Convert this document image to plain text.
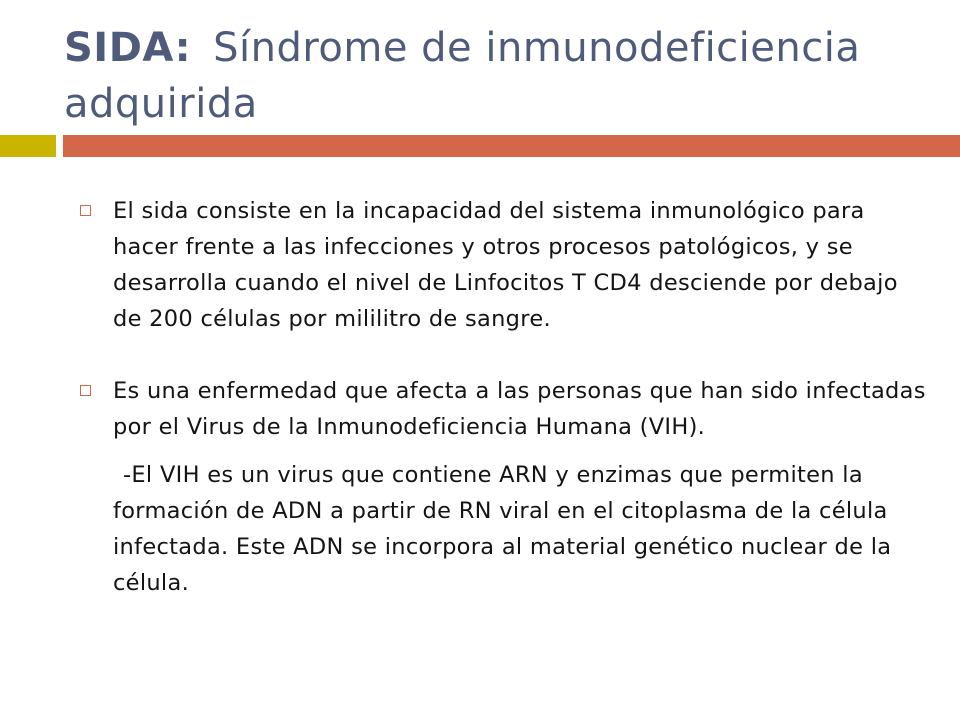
SIDA: Síndrome de inmunodeficiencia adquirida
El sida consiste en la incapacidad del sistema inmunológico para hacer frente a las infecciones y otros procesos patológicos, y se desarrolla cuando el nivel de Linfocitos T CD4 desciende por debajo de 200 células por mililitro de sangre.
Es una enfermedad que afecta a las personas que han sido infectadas por el Virus de la Inmunodeficiencia Humana (VIH).
-El VIH es un virus que contiene ARN y enzimas que permiten la formación de ADN a partir de RN viral en el citoplasma de la célula infectada. Este ADN se incorpora al material genético nuclear de la célula.
